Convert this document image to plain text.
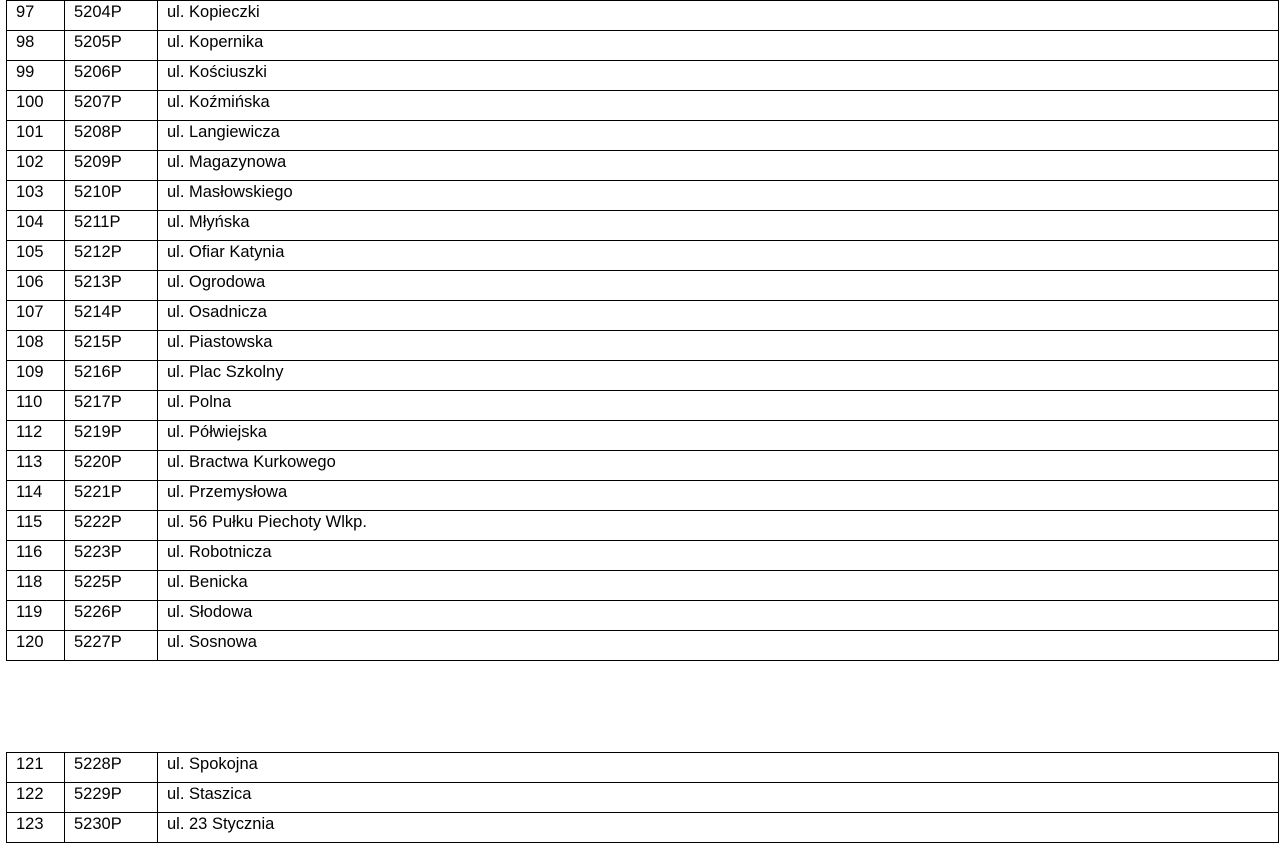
97	5204P	ul. Kopieczki
98	5205P	ul. Kopernika
99	5206P	ul. Kościuszki
100	5207P	ul. Koźmińska
101	5208P	ul. Langiewicza
102	5209P	ul. Magazynowa
103	5210P	ul. Masłowskiego
104	5211P	ul. Młyńska
105	5212P	ul. Ofiar Katynia
106	5213P	ul. Ogrodowa
107	5214P	ul. Osadnicza
108	5215P	ul. Piastowska
109	5216P	ul. Plac Szkolny
110	5217P	ul. Polna
112	5219P	ul. Półwiejska
113	5220P	ul. Bractwa Kurkowego
114	5221P	ul. Przemysłowa
115	5222P	ul. 56 Pułku Piechoty Wlkp.
116	5223P	ul. Robotnicza
118	5225P	ul. Benicka
119	5226P	ul. Słodowa
120	5227P	ul. Sosnowa
121	5228P	ul. Spokojna
122	5229P	ul. Staszica
123	5230P	ul. 23 Stycznia
